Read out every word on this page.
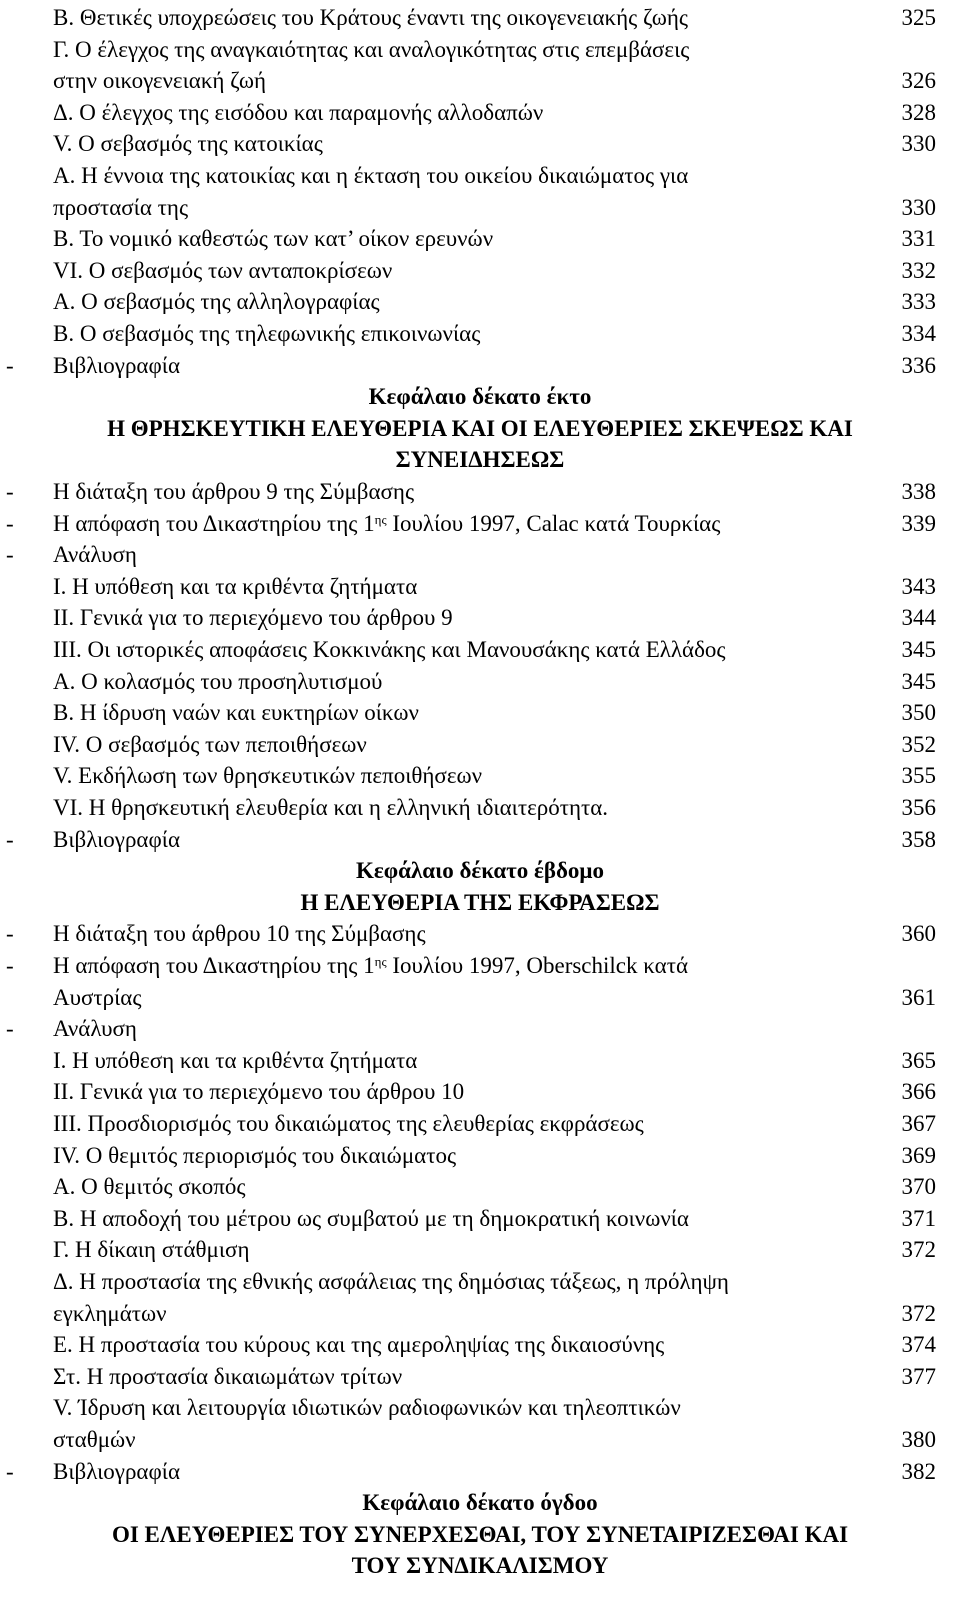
Β. Θετικές υποχρεώσεις του Κράτους έναντι της οικογενειακής ζωής	325
Γ. Ο έλεγχος της αναγκαιότητας και αναλογικότητας στις επεμβάσεις
στην οικογενειακή ζωή	326
Δ. Ο έλεγχος της εισόδου και παραμονής αλλοδαπών	328
V. Ο σεβασμός της κατοικίας	330
Α. Η έννοια της κατοικίας και η έκταση του οικείου δικαιώματος για
προστασία της	330
Β. Το νομικό καθεστώς των κατ’ οίκον ερευνών	331
VI. Ο σεβασμός των ανταποκρίσεων	332
Α. Ο σεβασμός της αλληλογραφίας	333
Β. Ο σεβασμός της τηλεφωνικής επικοινωνίας	334
- Βιβλιογραφία	336
Κεφάλαιο δέκατο έκτο
Η ΘΡΗΣΚΕΥΤΙΚΗ ΕΛΕΥΘΕΡΙΑ ΚΑΙ ΟΙ ΕΛΕΥΘΕΡΙΕΣ ΣΚΕΨΕΩΣ ΚΑΙ
ΣΥΝΕΙΔΗΣΕΩΣ
- Η διάταξη του άρθρου 9 της Σύμβασης	338
- Η απόφαση του Δικαστηρίου της $1^{\eta\varsigma}$ Ιουλίου 1997, Calac κατά Τουρκίας	339
- Ανάλυση
Ι. Η υπόθεση και τα κριθέντα ζητήματα	343
ΙΙ. Γενικά για το περιεχόμενο του άρθρου 9	344
ΙΙΙ. Οι ιστορικές αποφάσεις Κοκκινάκης και Μανουσάκης κατά Ελλάδος	345
Α. Ο κολασμός του προσηλυτισμού	345
Β. Η ίδρυση ναών και ευκτηρίων οίκων	350
IV. Ο σεβασμός των πεποιθήσεων	352
V. Εκδήλωση των θρησκευτικών πεποιθήσεων	355
VI. Η θρησκευτική ελευθερία και η ελληνική ιδιαιτερότητα.	356
- Βιβλιογραφία	358
Κεφάλαιο δέκατο έβδομο
Η ΕΛΕΥΘΕΡΙΑ ΤΗΣ ΕΚΦΡΑΣΕΩΣ
- Η διάταξη του άρθρου 10 της Σύμβασης	360
- Η απόφαση του Δικαστηρίου της $1^{\eta\varsigma}$ Ιουλίου 1997, Oberschilck κατά
Αυστρίας	361
- Ανάλυση
Ι. Η υπόθεση και τα κριθέντα ζητήματα	365
ΙΙ. Γενικά για το περιεχόμενο του άρθρου 10	366
ΙΙΙ. Προσδιορισμός του δικαιώματος της ελευθερίας εκφράσεως	367
IV. Ο θεμιτός περιορισμός του δικαιώματος	369
Α. Ο θεμιτός σκοπός	370
Β. Η αποδοχή του μέτρου ως συμβατού με τη δημοκρατική κοινωνία	371
Γ. Η δίκαιη στάθμιση	372
Δ. Η προστασία της εθνικής ασφάλειας της δημόσιας τάξεως, η πρόληψη
εγκλημάτων	372
Ε. Η προστασία του κύρους και της αμεροληψίας της δικαιοσύνης	374
Στ. Η προστασία δικαιωμάτων τρίτων	377
V. Ίδρυση και λειτουργία ιδιωτικών ραδιοφωνικών και τηλεοπτικών
σταθμών	380
- Βιβλιογραφία	382
Κεφάλαιο δέκατο όγδοο
ΟΙ ΕΛΕΥΘΕΡΙΕΣ ΤΟΥ ΣΥΝΕΡΧΕΣΘΑΙ, ΤΟΥ ΣΥΝΕΤΑΙΡΙΖΕΣΘΑΙ ΚΑΙ
ΤΟΥ ΣΥΝΔΙΚΑΛΙΣΜΟΥ
